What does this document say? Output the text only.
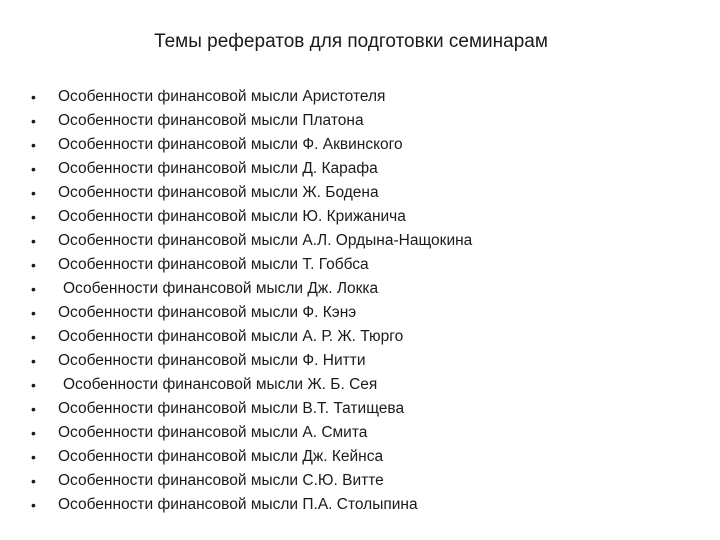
Темы рефератов для подготовки семинарам
•	Особенности финансовой мысли Аристотеля
•	Особенности финансовой мысли Платона
•	Особенности финансовой мысли Ф. Аквинского
•	Особенности финансовой мысли Д. Карафа
•	Особенности финансовой мысли Ж. Бодена
•	Особенности финансовой мысли Ю. Крижанича
•	Особенности финансовой мысли А.Л. Ордына-Нащокина
•	Особенности финансовой мысли Т. Гоббса
•	Особенности финансовой мысли Дж. Локка
•	Особенности финансовой мысли Ф. Кэнэ
•	Особенности финансовой мысли А. Р. Ж. Тюрго
•	Особенности финансовой мысли Ф. Нитти
•	Особенности финансовой мысли Ж. Б. Сея
•	Особенности финансовой мысли В.Т. Татищева
•	Особенности финансовой мысли А. Смита
•	Особенности финансовой мысли Дж. Кейнса
•	Особенности финансовой мысли С.Ю. Витте
•	Особенности финансовой мысли П.А. Столыпина
